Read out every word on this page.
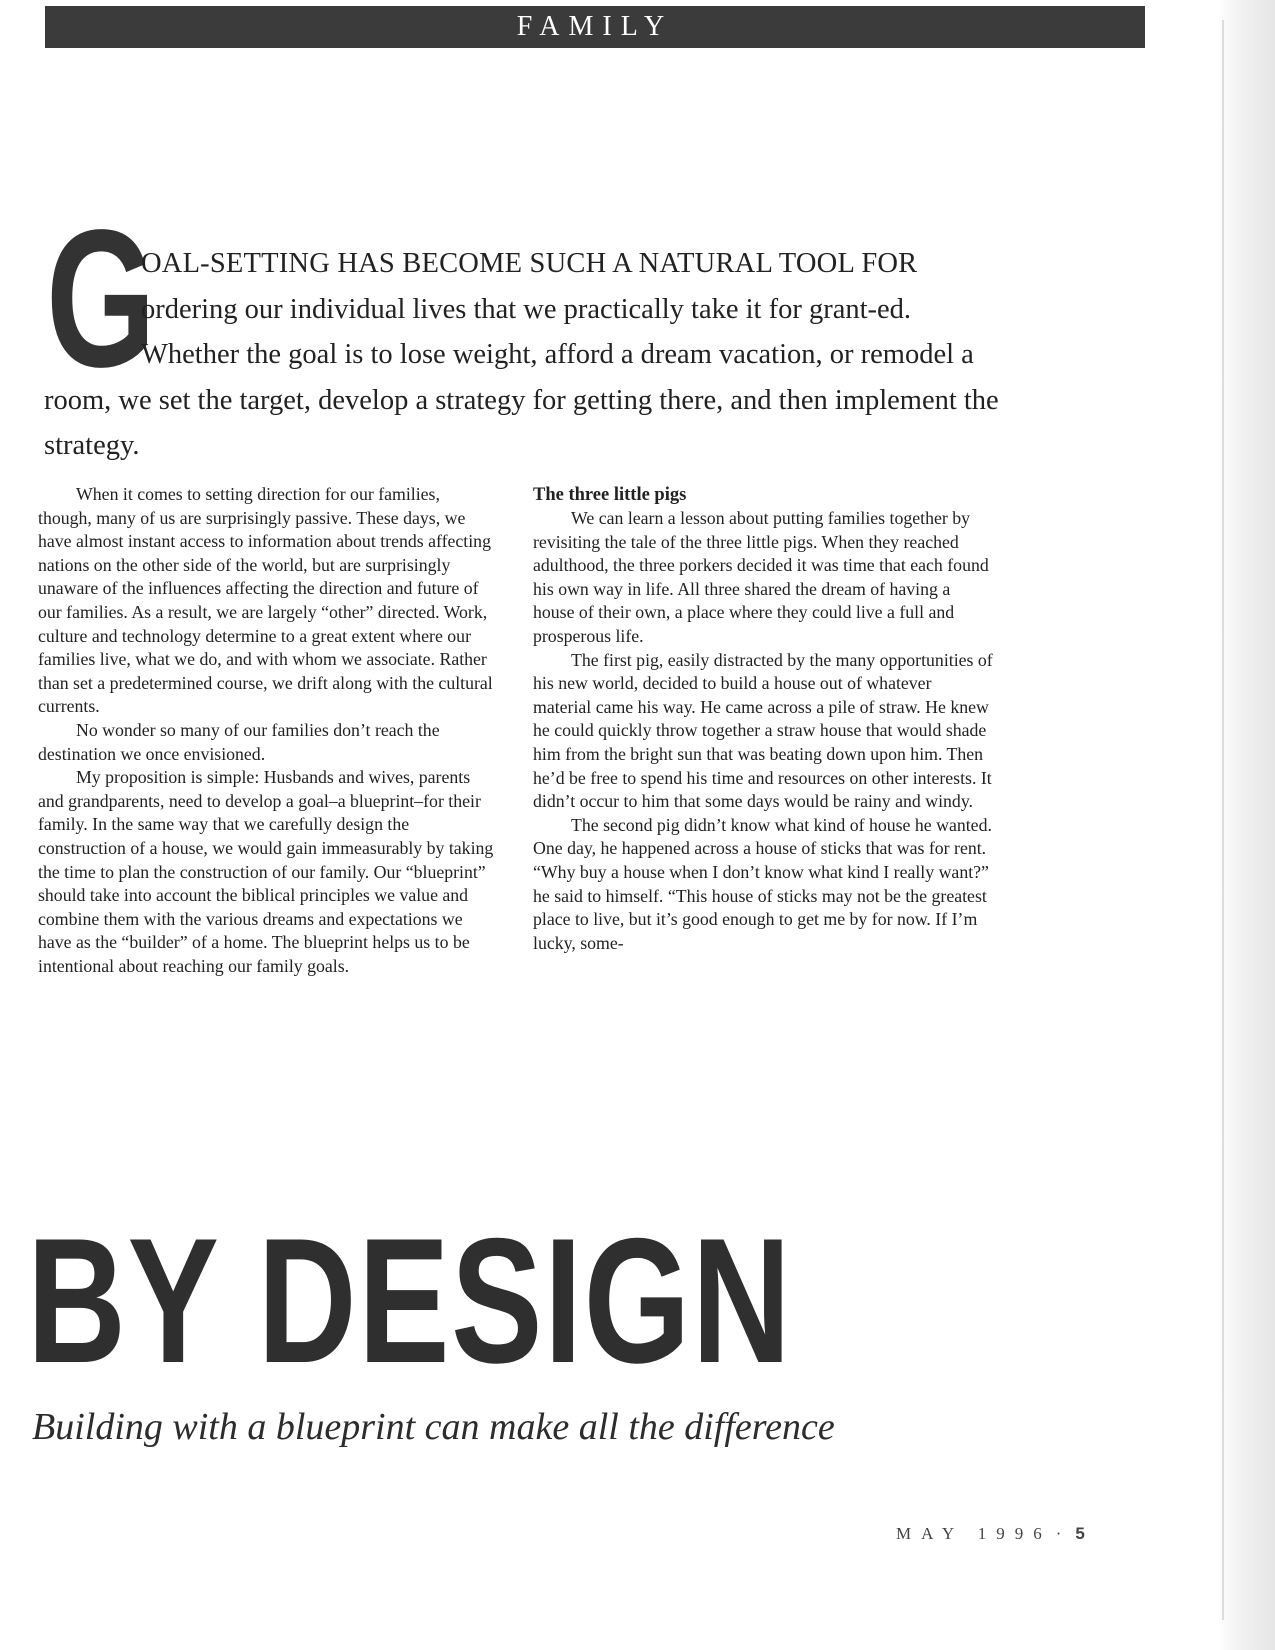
FAMILY
G
OAL-SETTING HAS BECOME SUCH A NATURAL TOOL FOR ordering our individual lives that we practically take it for grant-ed. Whether the goal is to lose weight, afford a dream vacation, or remodel a room, we set the target, develop a strategy for getting there, and then implement the strategy.

When it comes to setting direction for our families, though, many of us are surprisingly passive. These days, we have almost instant access to information about trends affecting nations on the other side of the world, but are surprisingly unaware of the influences affecting the direction and future of our families. As a result, we are largely “other” directed. Work, culture and technology determine to a great extent where our families live, what we do, and with whom we associate. Rather than set a predetermined course, we drift along with the cultural currents.

No wonder so many of our families don’t reach the destination we once envisioned.

My proposition is simple: Husbands and wives, parents and grandparents, need to develop a goal–a blueprint–for their family. In the same way that we carefully design the construction of a house, we would gain immeasurably by taking the time to plan the construction of our family. Our “blueprint” should take into account the biblical principles we value and combine them with the various dreams and expectations we have as the “builder” of a home. The blueprint helps us to be intentional about reaching our family goals.

The three little pigs

We can learn a lesson about putting families together by revisiting the tale of the three little pigs. When they reached adulthood, the three porkers decided it was time that each found his own way in life. All three shared the dream of having a house of their own, a place where they could live a full and prosperous life.

The first pig, easily distracted by the many opportunities of his new world, decided to build a house out of whatever material came his way. He came across a pile of straw. He knew he could quickly throw together a straw house that would shade him from the bright sun that was beating down upon him. Then he’d be free to spend his time and resources on other interests. It didn’t occur to him that some days would be rainy and windy.

The second pig didn’t know what kind of house he wanted. One day, he happened across a house of sticks that was for rent. “Why buy a house when I don’t know what kind I really want?” he said to himself. “This house of sticks may not be the greatest place to live, but it’s good enough to get me by for now. If I’m lucky, some-

BY DESIGN
Building with a blueprint can make all the difference
MAY 1996 · 5
